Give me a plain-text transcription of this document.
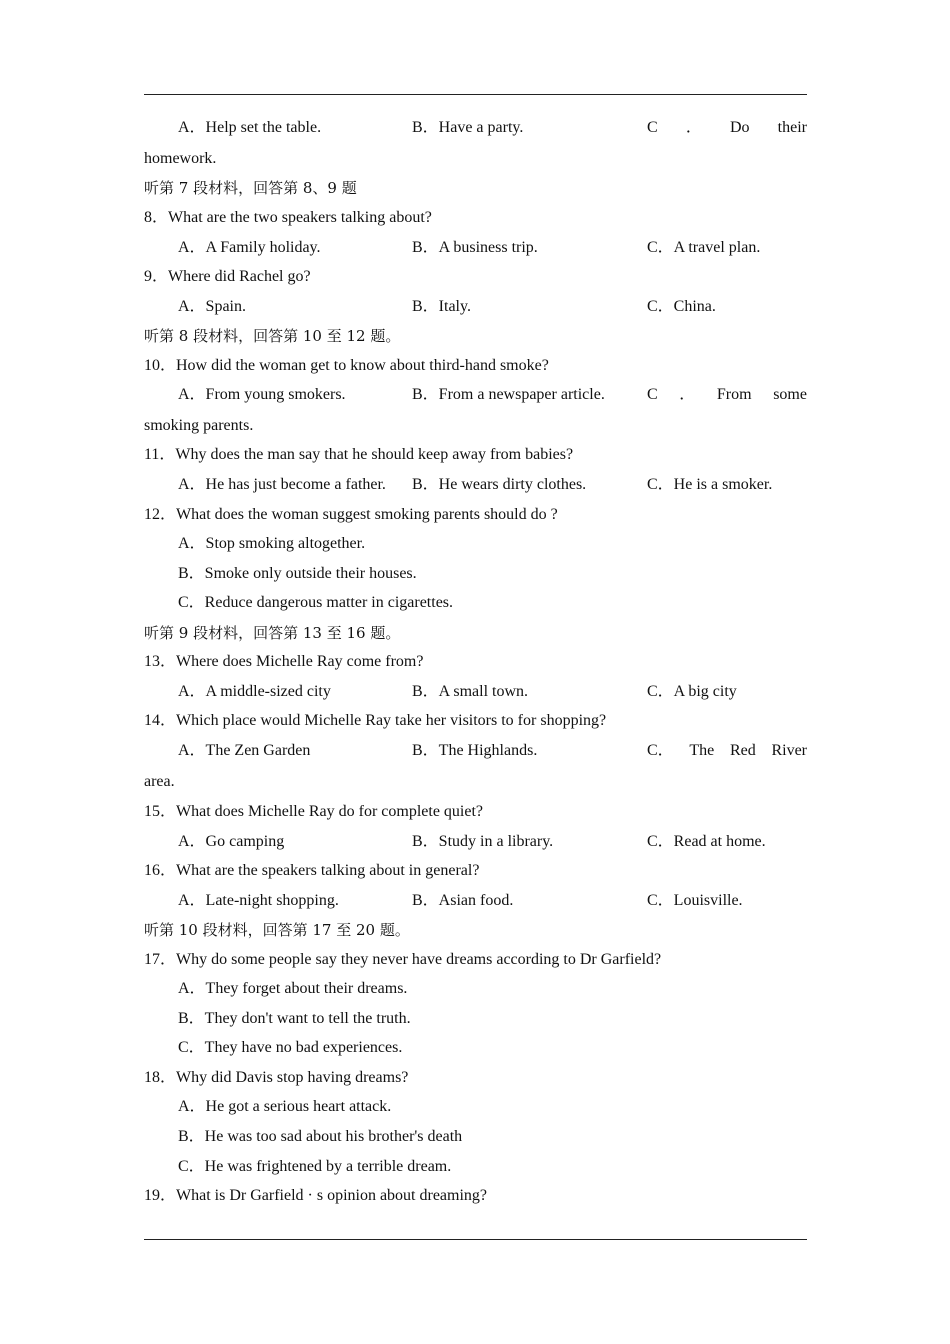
A．Help set the table.	B．Have a party.	C ． Do their
homework.
听第 7 段材料，回答第 8、9 题
8．What are the two speakers talking about?
A．A Family holiday.	B．A business trip.	C．A travel plan.
9．Where did Rachel go?
A．Spain.	B．Italy.	C．China.
听第 8 段材料，回答第 10 至 12 题。
10．How did the woman get to know about third-hand smoke?
A．From young smokers.	B．From a newspaper article.	C ． From some
smoking parents.
11．Why does the man say that he should keep away from babies?
A．He has just become a father. B．He wears dirty clothes.	C．He is a smoker.
12．What does the woman suggest smoking parents should do ?
A．Stop smoking altogether.
B．Smoke only outside their houses.
C．Reduce dangerous matter in cigarettes.
听第 9 段材料，回答第 13 至 16 题。
13．Where does Michelle Ray come from?
A．A middle-sized city	B．A small town.	C．A big city
14．Which place would Michelle Ray take her visitors to for shopping?
A．The Zen Garden	B．The Highlands.	C． The Red River
area.
15．What does Michelle Ray do for complete quiet?
A．Go camping	B．Study in a library.	C．Read at home.
16．What are the speakers talking about in general?
A．Late-night shopping.	B．Asian food.	C．Louisville.
听第 10 段材料，回答第 17 至 20 题。
17．Why do some people say they never have dreams according to Dr Garfield?
A．They forget about their dreams.
B．They don't want to tell the truth.
C．They have no bad experiences.
18．Why did Davis stop having dreams?
A．He got a serious heart attack.
B．He was too sad about his brother's death
C．He was frightened by a terrible dream.
19．What is Dr Garfield · s opinion about dreaming?
